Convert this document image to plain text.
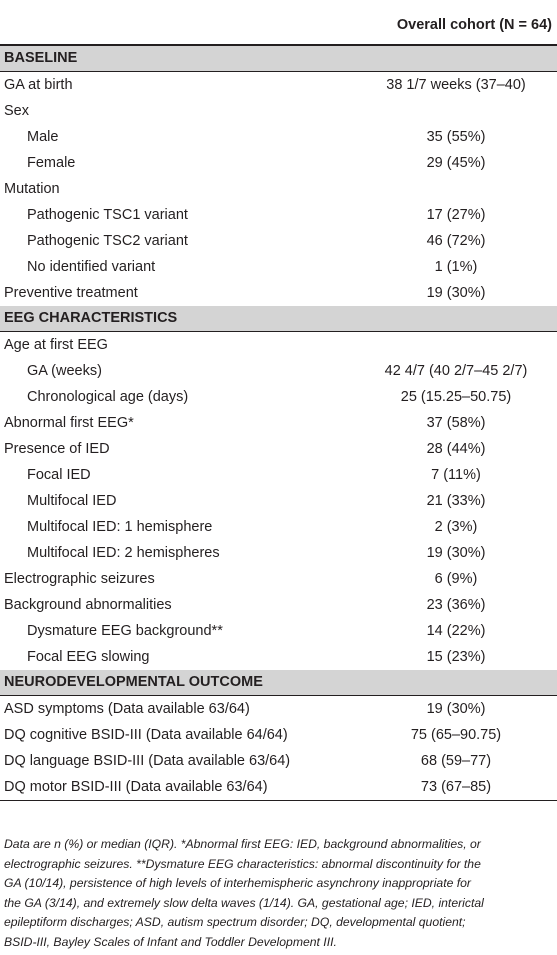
Overall cohort (N = 64)
BASELINE
GA at birth	38 1/7 weeks (37–40)
Sex
Male	35 (55%)
Female	29 (45%)
Mutation
Pathogenic TSC1 variant	17 (27%)
Pathogenic TSC2 variant	46 (72%)
No identified variant	1 (1%)
Preventive treatment	19 (30%)
EEG CHARACTERISTICS
Age at first EEG
GA (weeks)	42 4/7 (40 2/7–45 2/7)
Chronological age (days)	25 (15.25–50.75)
Abnormal first EEG*	37 (58%)
Presence of IED	28 (44%)
Focal IED	7 (11%)
Multifocal IED	21 (33%)
Multifocal IED: 1 hemisphere	2 (3%)
Multifocal IED: 2 hemispheres	19 (30%)
Electrographic seizures	6 (9%)
Background abnormalities	23 (36%)
Dysmature EEG background**	14 (22%)
Focal EEG slowing	15 (23%)
NEURODEVELOPMENTAL OUTCOME
ASD symptoms (Data available 63/64)	19 (30%)
DQ cognitive BSID-III (Data available 64/64)	75 (65–90.75)
DQ language BSID-III (Data available 63/64)	68 (59–77)
DQ motor BSID-III (Data available 63/64)	73 (67–85)
Data are n (%) or median (IQR). *Abnormal first EEG: IED, background abnormalities, or
electrographic seizures. **Dysmature EEG characteristics: abnormal discontinuity for the
GA (10/14), persistence of high levels of interhemispheric asynchrony inappropriate for
the GA (3/14), and extremely slow delta waves (1/14). GA, gestational age; IED, interictal
epileptiform discharges; ASD, autism spectrum disorder; DQ, developmental quotient;
BSID-III, Bayley Scales of Infant and Toddler Development III.
